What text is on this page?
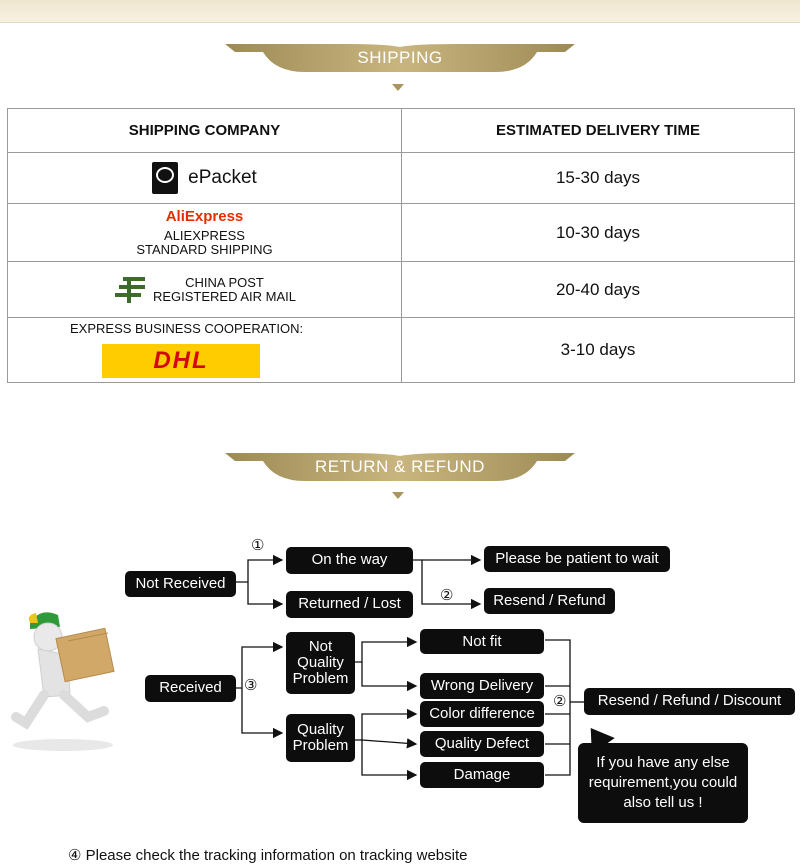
SHIPPING
SHIPPING COMPANY	ESTIMATED DELIVERY TIME

ePacket	15-30 days

AliExpress
ALIEXPRESS
STANDARD SHIPPING	10-30 days

CHINA POST
REGISTERED AIR MAIL	20-40 days

EXPRESS BUSINESS COOPERATION:
DHL	3-10 days
RETURN & REFUND
Not Received
On the way
Returned / Lost
Please be patient to wait
Resend / Refund
Received
Not
Quality
Problem
Quality
Problem
Not fit
Wrong Delivery
Color difference
Quality Defect
Damage
Resend / Refund / Discount
①
②
③
②
If you have any else
requirement,you could
also tell us !
④ Please check the tracking information on tracking website
